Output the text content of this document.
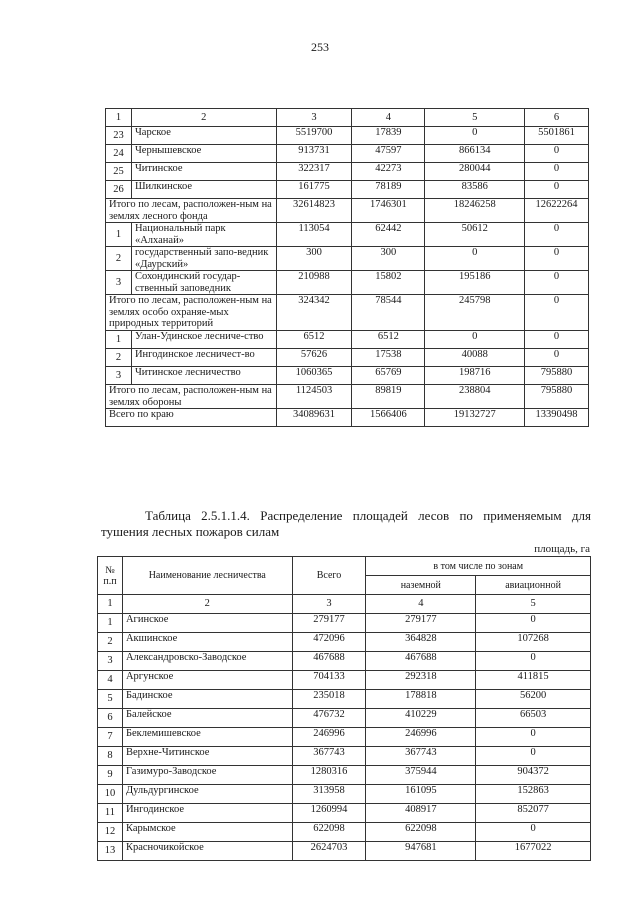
253
1	2	3	4	5	6
23	Чарское	5519700	17839	0	5501861
24	Чернышевское	913731	47597	866134	0
25	Читинское	322317	42273	280044	0
26	Шилкинское	161775	78189	83586	0
Итого по лесам, расположен-ным на землях лесного фонда		32614823	1746301	18246258	12622264
1	Национальный парк «Алханай»	113054	62442	50612	0
2	государственный запо-ведник «Даурский»	300	300	0	0
3	Сохондинский государ-ственный заповедник	210988	15802	195186	0
Итого по лесам, расположен-ным на землях особо охраняе-мых природных территорий		324342	78544	245798	0
1	Улан-Удинское лесниче-ство	6512	6512	0	0
2	Ингодинское лесничест-во	57626	17538	40088	0
3	Читинское лесничество	1060365	65769	198716	795880
Итого по лесам, расположен-ным на землях обороны		1124503	89819	238804	795880
Всего по краю		34089631	1566406	19132727	13390498
Таблица 2.5.1.1.4. Распределение площадей лесов по применяемым для тушения лесных пожаров силам
площадь, га
№ п.п	Наименование лесничества	Всего	в том числе по зонам	
			наземной	авиационной
1	2	3	4	5
1	Агинское	279177	279177	0
2	Акшинское	472096	364828	107268
3	Александровско-Заводское	467688	467688	0
4	Аргунское	704133	292318	411815
5	Бадинское	235018	178818	56200
6	Балейское	476732	410229	66503
7	Беклемишевское	246996	246996	0
8	Верхне-Читинское	367743	367743	0
9	Газимуро-Заводское	1280316	375944	904372
10	Дульдургинское	313958	161095	152863
11	Ингодинское	1260994	408917	852077
12	Карымское	622098	622098	0
13	Красночикойское	2624703	947681	1677022
